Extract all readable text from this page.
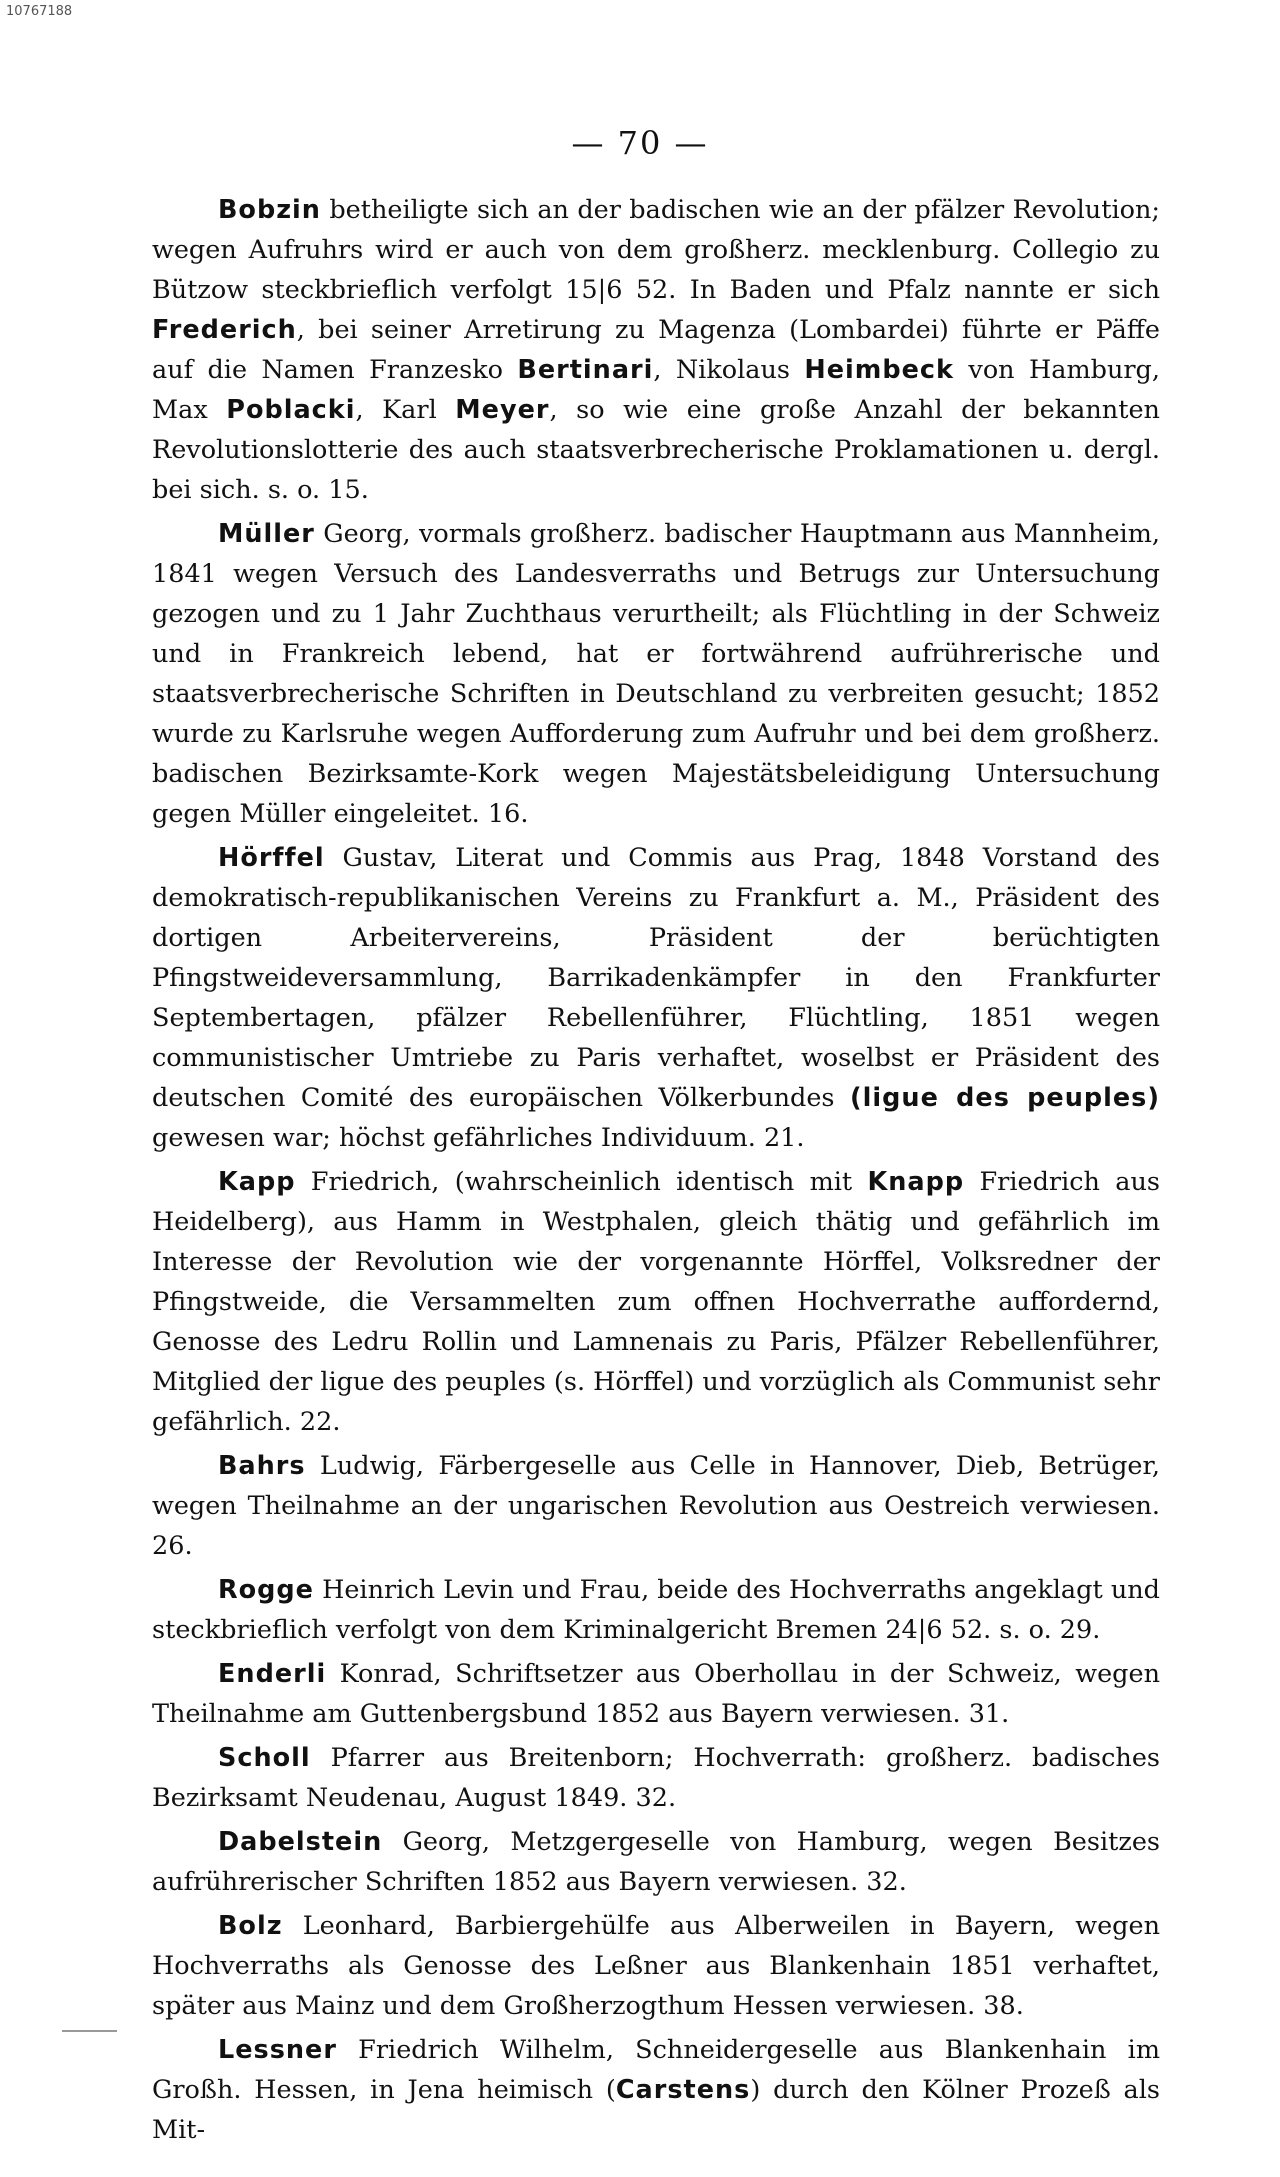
10767188
— 70 —

Bobzin betheiligte sich an der badischen wie an der pfälzer Revolution; wegen Aufruhrs wird er auch von dem großherz. mecklenburg. Collegio zu Bützow steckbrieflich verfolgt 15|6 52. In Baden und Pfalz nannte er sich Frederich, bei seiner Arretirung zu Magenza (Lombardei) führte er Päffe auf die Namen Franzesko Bertinari, Nikolaus Heimbeck von Hamburg, Max Poblacki, Karl Meyer, so wie eine große Anzahl der bekannten Revolutionslotterie des auch staatsverbrecherische Proklamationen u. dergl. bei sich. s. o. 15.

Müller Georg, vormals großherz. badischer Hauptmann aus Mannheim, 1841 wegen Versuch des Landesverraths und Betrugs zur Untersuchung gezogen und zu 1 Jahr Zuchthaus verurtheilt; als Flüchtling in der Schweiz und in Frankreich lebend, hat er fortwährend aufrührerische und staatsverbrecherische Schriften in Deutschland zu verbreiten gesucht; 1852 wurde zu Karlsruhe wegen Aufforderung zum Aufruhr und bei dem großherz. badischen Bezirksamte-Kork wegen Majestätsbeleidigung Untersuchung gegen Müller eingeleitet. 16.

Hörffel Gustav, Literat und Commis aus Prag, 1848 Vorstand des demokratisch-republikanischen Vereins zu Frankfurt a. M., Präsident des dortigen Arbeitervereins, Präsident der berüchtigten Pfingstweideversammlung, Barrikadenkämpfer in den Frankfurter Septembertagen, pfälzer Rebellenführer, Flüchtling, 1851 wegen communistischer Umtriebe zu Paris verhaftet, woselbst er Präsident des deutschen Comité des europäischen Völkerbundes (ligue des peuples) gewesen war; höchst gefährliches Individuum. 21.

Kapp Friedrich, (wahrscheinlich identisch mit Knapp Friedrich aus Heidelberg), aus Hamm in Westphalen, gleich thätig und gefährlich im Interesse der Revolution wie der vorgenannte Hörffel, Volksredner der Pfingstweide, die Versammelten zum offnen Hochverrathe auffordernd, Genosse des Ledru Rollin und Lamnenais zu Paris, Pfälzer Rebellenführer, Mitglied der ligue des peuples (s. Hörffel) und vorzüglich als Communist sehr gefährlich. 22.

Bahrs Ludwig, Färbergeselle aus Celle in Hannover, Dieb, Betrüger, wegen Theilnahme an der ungarischen Revolution aus Oestreich verwiesen. 26.

Rogge Heinrich Levin und Frau, beide des Hochverraths angeklagt und steckbrieflich verfolgt von dem Kriminalgericht Bremen 24|6 52. s. o. 29.

Enderli Konrad, Schriftsetzer aus Oberhollau in der Schweiz, wegen Theilnahme am Guttenbergsbund 1852 aus Bayern verwiesen. 31.

Scholl Pfarrer aus Breitenborn; Hochverrath: großherz. badisches Bezirksamt Neudenau, August 1849. 32.

Dabelstein Georg, Metzgergeselle von Hamburg, wegen Besitzes aufrührerischer Schriften 1852 aus Bayern verwiesen. 32.

Bolz Leonhard, Barbiergehülfe aus Alberweilen in Bayern, wegen Hochverraths als Genosse des Leßner aus Blankenhain 1851 verhaftet, später aus Mainz und dem Großherzogthum Hessen verwiesen. 38.

Lessner Friedrich Wilhelm, Schneidergeselle aus Blankenhain im Großh. Hessen, in Jena heimisch (Carstens) durch den Kölner Prozeß als Mit-
